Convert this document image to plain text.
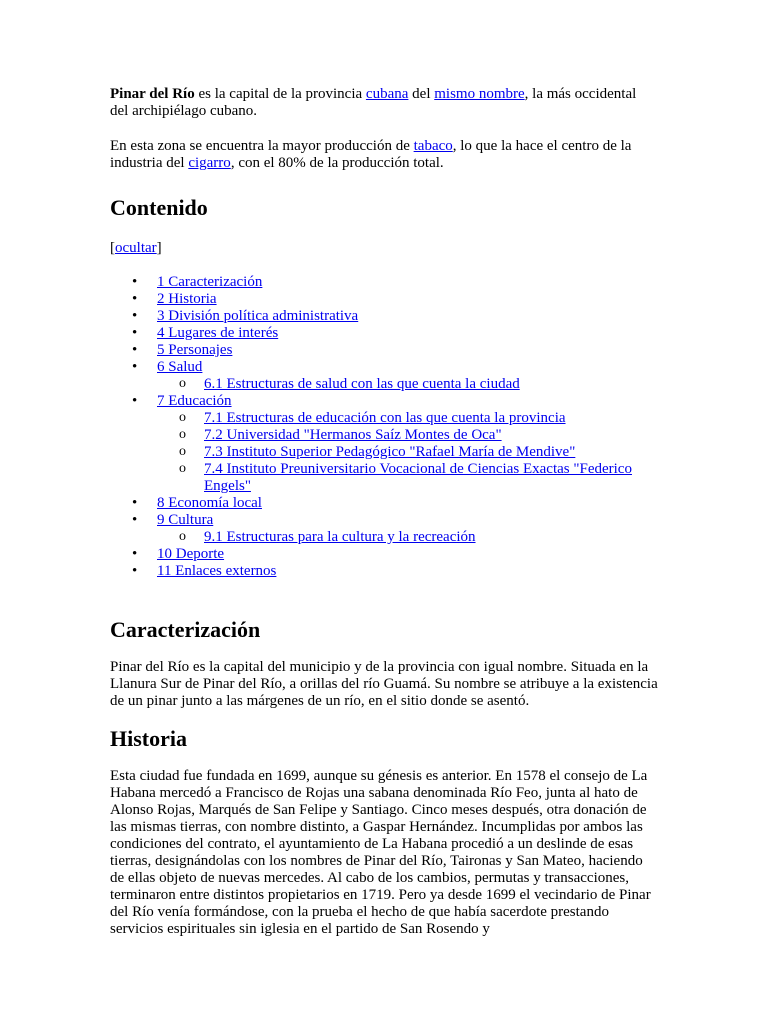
Pinar del Río es la capital de la provincia cubana del mismo nombre, la más occidental del archipiélago cubano.

En esta zona se encuentra la mayor producción de tabaco, lo que la hace el centro de la industria del cigarro, con el 80% de la producción total.

Contenido
[ocultar]
• 1 Caracterización
• 2 Historia
• 3 División política administrativa
• 4 Lugares de interés
• 5 Personajes
• 6 Salud
o 6.1 Estructuras de salud con las que cuenta la ciudad
• 7 Educación
o 7.1 Estructuras de educación con las que cuenta la provincia
o 7.2 Universidad "Hermanos Saíz Montes de Oca"
o 7.3 Instituto Superior Pedagógico "Rafael María de Mendive"
o 7.4 Instituto Preuniversitario Vocacional de Ciencias Exactas "Federico Engels"
• 8 Economía local
• 9 Cultura
o 9.1 Estructuras para la cultura y la recreación
• 10 Deporte
• 11 Enlaces externos
Caracterización

Pinar del Río es la capital del municipio y de la provincia con igual nombre. Situada en la Llanura Sur de Pinar del Río, a orillas del río Guamá. Su nombre se atribuye a la existencia de un pinar junto a las márgenes de un río, en el sitio donde se asentó.

Historia

Esta ciudad fue fundada en 1699, aunque su génesis es anterior. En 1578 el consejo de La Habana mercedó a Francisco de Rojas una sabana denominada Río Feo, junta al hato de Alonso Rojas, Marqués de San Felipe y Santiago. Cinco meses después, otra donación de las mismas tierras, con nombre distinto, a Gaspar Hernández. Incumplidas por ambos las condiciones del contrato, el ayuntamiento de La Habana procedió a un deslinde de esas tierras, designándolas con los nombres de Pinar del Río, Taironas y San Mateo, haciendo de ellas objeto de nuevas mercedes. Al cabo de los cambios, permutas y transacciones, terminaron entre distintos propietarios en 1719. Pero ya desde 1699 el vecindario de Pinar del Río venía formándose, con la prueba el hecho de que había sacerdote prestando servicios espirituales sin iglesia en el partido de San Rosendo y
